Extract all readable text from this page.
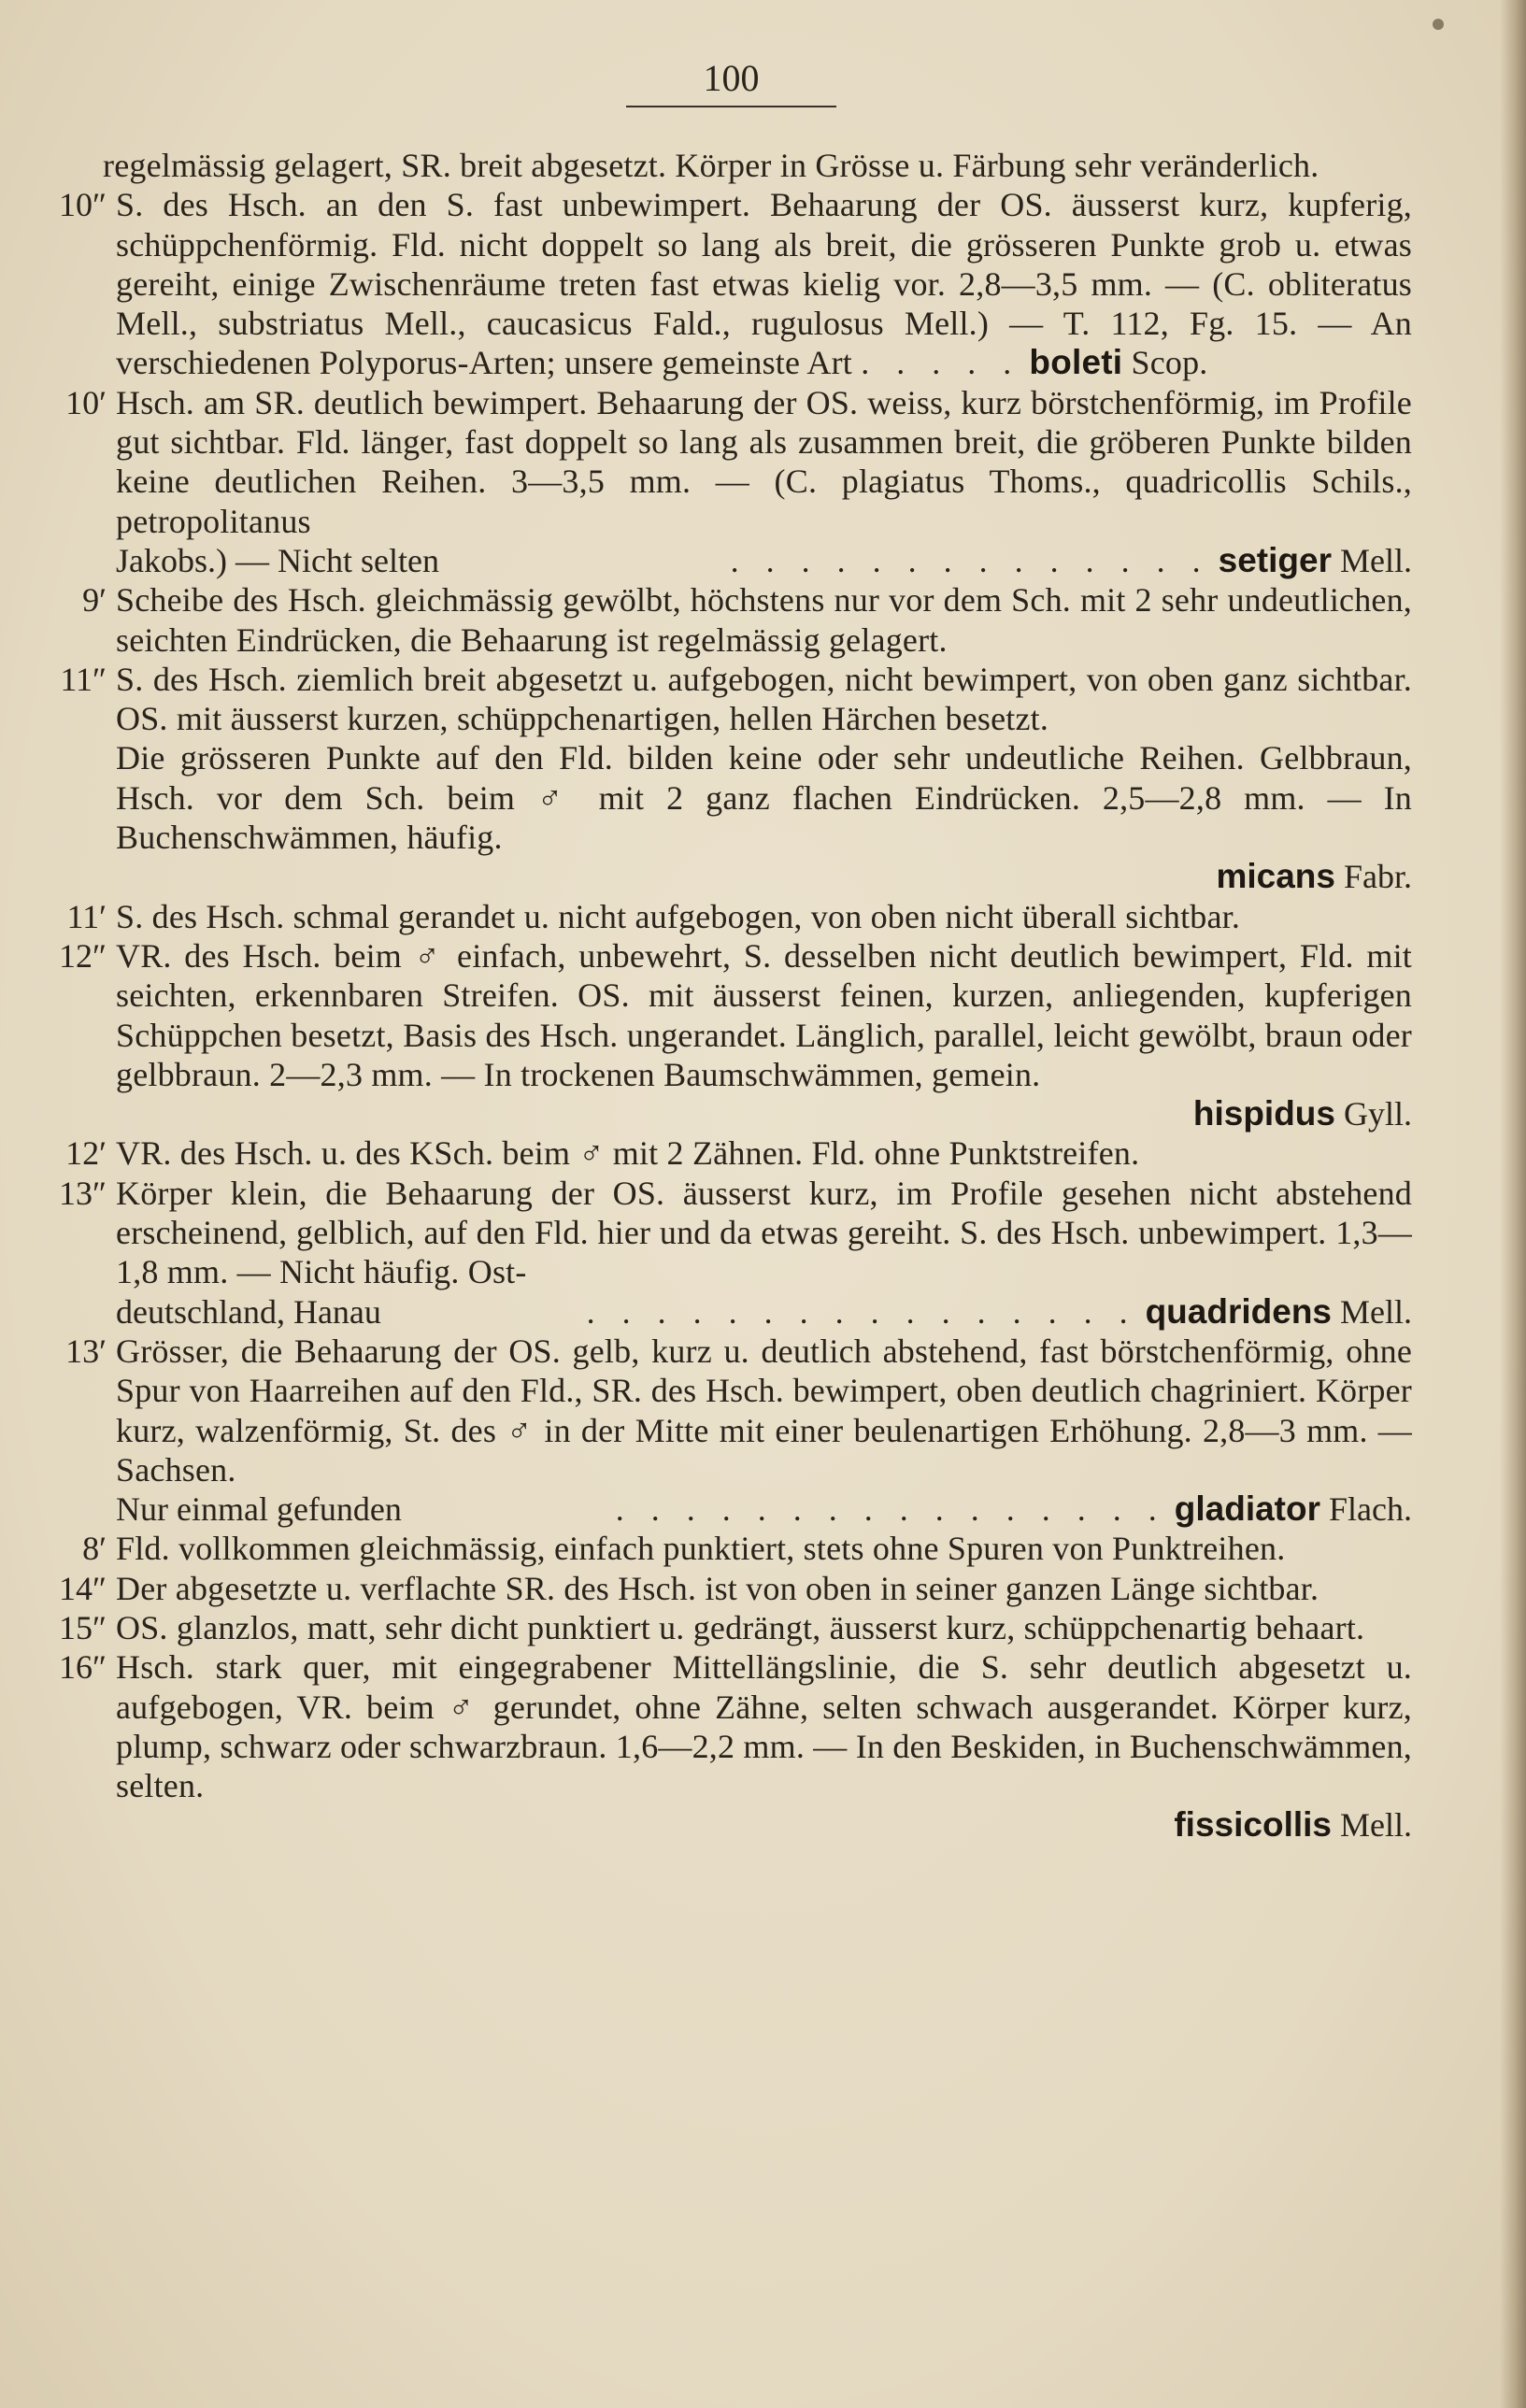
100
regelmässig gelagert, SR. breit abgesetzt. Körper in Grösse u. Färbung sehr veränderlich.
10″ S. des Hsch. an den S. fast unbewimpert. Behaarung der OS. äusserst kurz, kupferig, schüppchenförmig. Fld. nicht doppelt so lang als breit, die grösseren Punkte grob u. etwas gereiht, einige Zwischenräume treten fast etwas kielig vor. 2,8—3,5 mm. — (C. obliteratus Mell., substriatus Mell., caucasicus Fald., rugulosus Mell.) — T. 112, Fg. 15. — An verschiedenen Polyporus-Arten; unsere gemeinste Art . . . . . boleti Scop.
10′ Hsch. am SR. deutlich bewimpert. Behaarung der OS. weiss, kurz börstchenförmig, im Profile gut sichtbar. Fld. länger, fast doppelt so lang als zusammen breit, die gröberen Punkte bilden keine deutlichen Reihen. 3—3,5 mm. — (C. plagiatus Thoms., quadricollis Schils., petropolitanus
Jakobs.) — Nicht selten	. . . . . . . . . . . . . . setiger Mell.
9′ Scheibe des Hsch. gleichmässig gewölbt, höchstens nur vor dem Sch. mit 2 sehr undeutlichen, seichten Eindrücken, die Behaarung ist regelmässig gelagert.
11″ S. des Hsch. ziemlich breit abgesetzt u. aufgebogen, nicht bewimpert, von oben ganz sichtbar. OS. mit äusserst kurzen, schüppchenartigen, hellen Härchen besetzt.
Die grösseren Punkte auf den Fld. bilden keine oder sehr undeutliche Reihen. Gelbbraun, Hsch. vor dem Sch. beim ♂ mit 2 ganz flachen Eindrücken. 2,5—2,8 mm. — In Buchenschwämmen, häufig.
micans Fabr.
11′ S. des Hsch. schmal gerandet u. nicht aufgebogen, von oben nicht überall sichtbar.
12″ VR. des Hsch. beim ♂ einfach, unbewehrt, S. desselben nicht deutlich bewimpert, Fld. mit seichten, erkennbaren Streifen. OS. mit äusserst feinen, kurzen, anliegenden, kupferigen Schüppchen besetzt, Basis des Hsch. ungerandet. Länglich, parallel, leicht gewölbt, braun oder gelbbraun. 2—2,3 mm. — In trockenen Baumschwämmen, gemein.
hispidus Gyll.
12′ VR. des Hsch. u. des KSch. beim ♂ mit 2 Zähnen. Fld. ohne Punktstreifen.
13″ Körper klein, die Behaarung der OS. äusserst kurz, im Profile gesehen nicht abstehend erscheinend, gelblich, auf den Fld. hier und da etwas gereiht. S. des Hsch. unbewimpert. 1,3—1,8 mm. — Nicht häufig. Ost-
deutschland, Hanau	. . . . . . . . . . . . . . . . quadridens Mell.
13′ Grösser, die Behaarung der OS. gelb, kurz u. deutlich abstehend, fast börstchenförmig, ohne Spur von Haarreihen auf den Fld., SR. des Hsch. bewimpert, oben deutlich chagriniert. Körper kurz, walzenförmig, St. des ♂ in der Mitte mit einer beulenartigen Erhöhung. 2,8—3 mm. — Sachsen.
Nur einmal gefunden	. . . . . . . . . . . . . . . . gladiator Flach.
8′ Fld. vollkommen gleichmässig, einfach punktiert, stets ohne Spuren von Punktreihen.
14″ Der abgesetzte u. verflachte SR. des Hsch. ist von oben in seiner ganzen Länge sichtbar.
15″ OS. glanzlos, matt, sehr dicht punktiert u. gedrängt, äusserst kurz, schüppchenartig behaart.
16″ Hsch. stark quer, mit eingegrabener Mittellängslinie, die S. sehr deutlich abgesetzt u. aufgebogen, VR. beim ♂ gerundet, ohne Zähne, selten schwach ausgerandet. Körper kurz, plump, schwarz oder schwarzbraun. 1,6—2,2 mm. — In den Beskiden, in Buchenschwämmen, selten.
fissicollis Mell.
